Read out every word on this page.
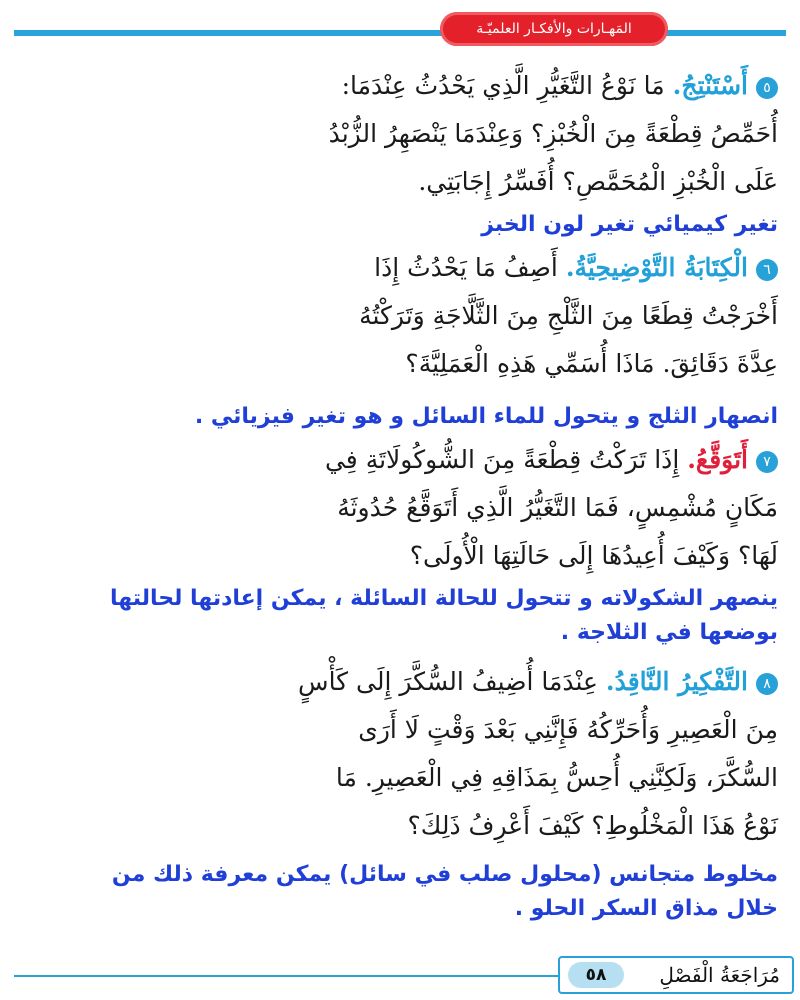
المَهـارات والأفكـار العلميّـة
٥أَسْتَنْتِجُ. مَا نَوْعُ التَّغَيُّرِ الَّذِي يَحْدُثُ عِنْدَمَا:
أُحَمِّصُ قِطْعَةً مِنَ الْخُبْزِ؟ وَعِنْدَمَا يَنْصَهِرُ الزُّبْدُ
عَلَى الْخُبْزِ الْمُحَمَّصِ؟ أُفَسِّرُ إِجَابَتِي.
تغير كيميائي تغير لون الخبز
٦الْكِتَابَةُ التَّوْضِيحِيَّةُ. أَصِفُ مَا يَحْدُثُ إِذَا
أَخْرَجْتُ قِطَعًا مِنَ الثَّلْجِ مِنَ الثَّلَّاجَةِ وَتَرَكْتُهُ
عِدَّةَ دَقَائِقَ. مَاذَا أُسَمِّي هَذِهِ الْعَمَلِيَّةَ؟
انصهار الثلج و يتحول للماء السائل و هو تغير فيزيائي .
٧أَتَوَقَّعُ. إِذَا تَرَكْتُ قِطْعَةً مِنَ الشُّوكُولَاتَةِ فِي
مَكَانٍ مُشْمِسٍ، فَمَا التَّغَيُّرُ الَّذِي أَتَوَقَّعُ حُدُوثَهُ
لَهَا؟ وَكَيْفَ أُعِيدُهَا إِلَى حَالَتِهَا الْأُولَى؟
ينصهر الشكولاته و تتحول للحالة السائلة ، يمكن إعادتها لحالتها بوضعها في الثلاجة .
٨التَّفْكِيرُ النَّاقِدُ. عِنْدَمَا أُضِيفُ السُّكَّرَ إِلَى كَأْسٍ
مِنَ الْعَصِيرِ وَأُحَرِّكُهُ فَإِنَّنِي بَعْدَ وَقْتٍ لَا أَرَى
السُّكَّرَ، وَلَكِنَّنِي أُحِسُّ بِمَذَاقِهِ فِي الْعَصِيرِ. مَا
نَوْعُ هَذَا الْمَخْلُوطِ؟ كَيْفَ أَعْرِفُ ذَلِكَ؟
مخلوط متجانس (محلول صلب في سائل) يمكن معرفة ذلك من خلال مذاق السكر الحلو .
مُرَاجَعَةُ الْفَصْلِ
٥٨
